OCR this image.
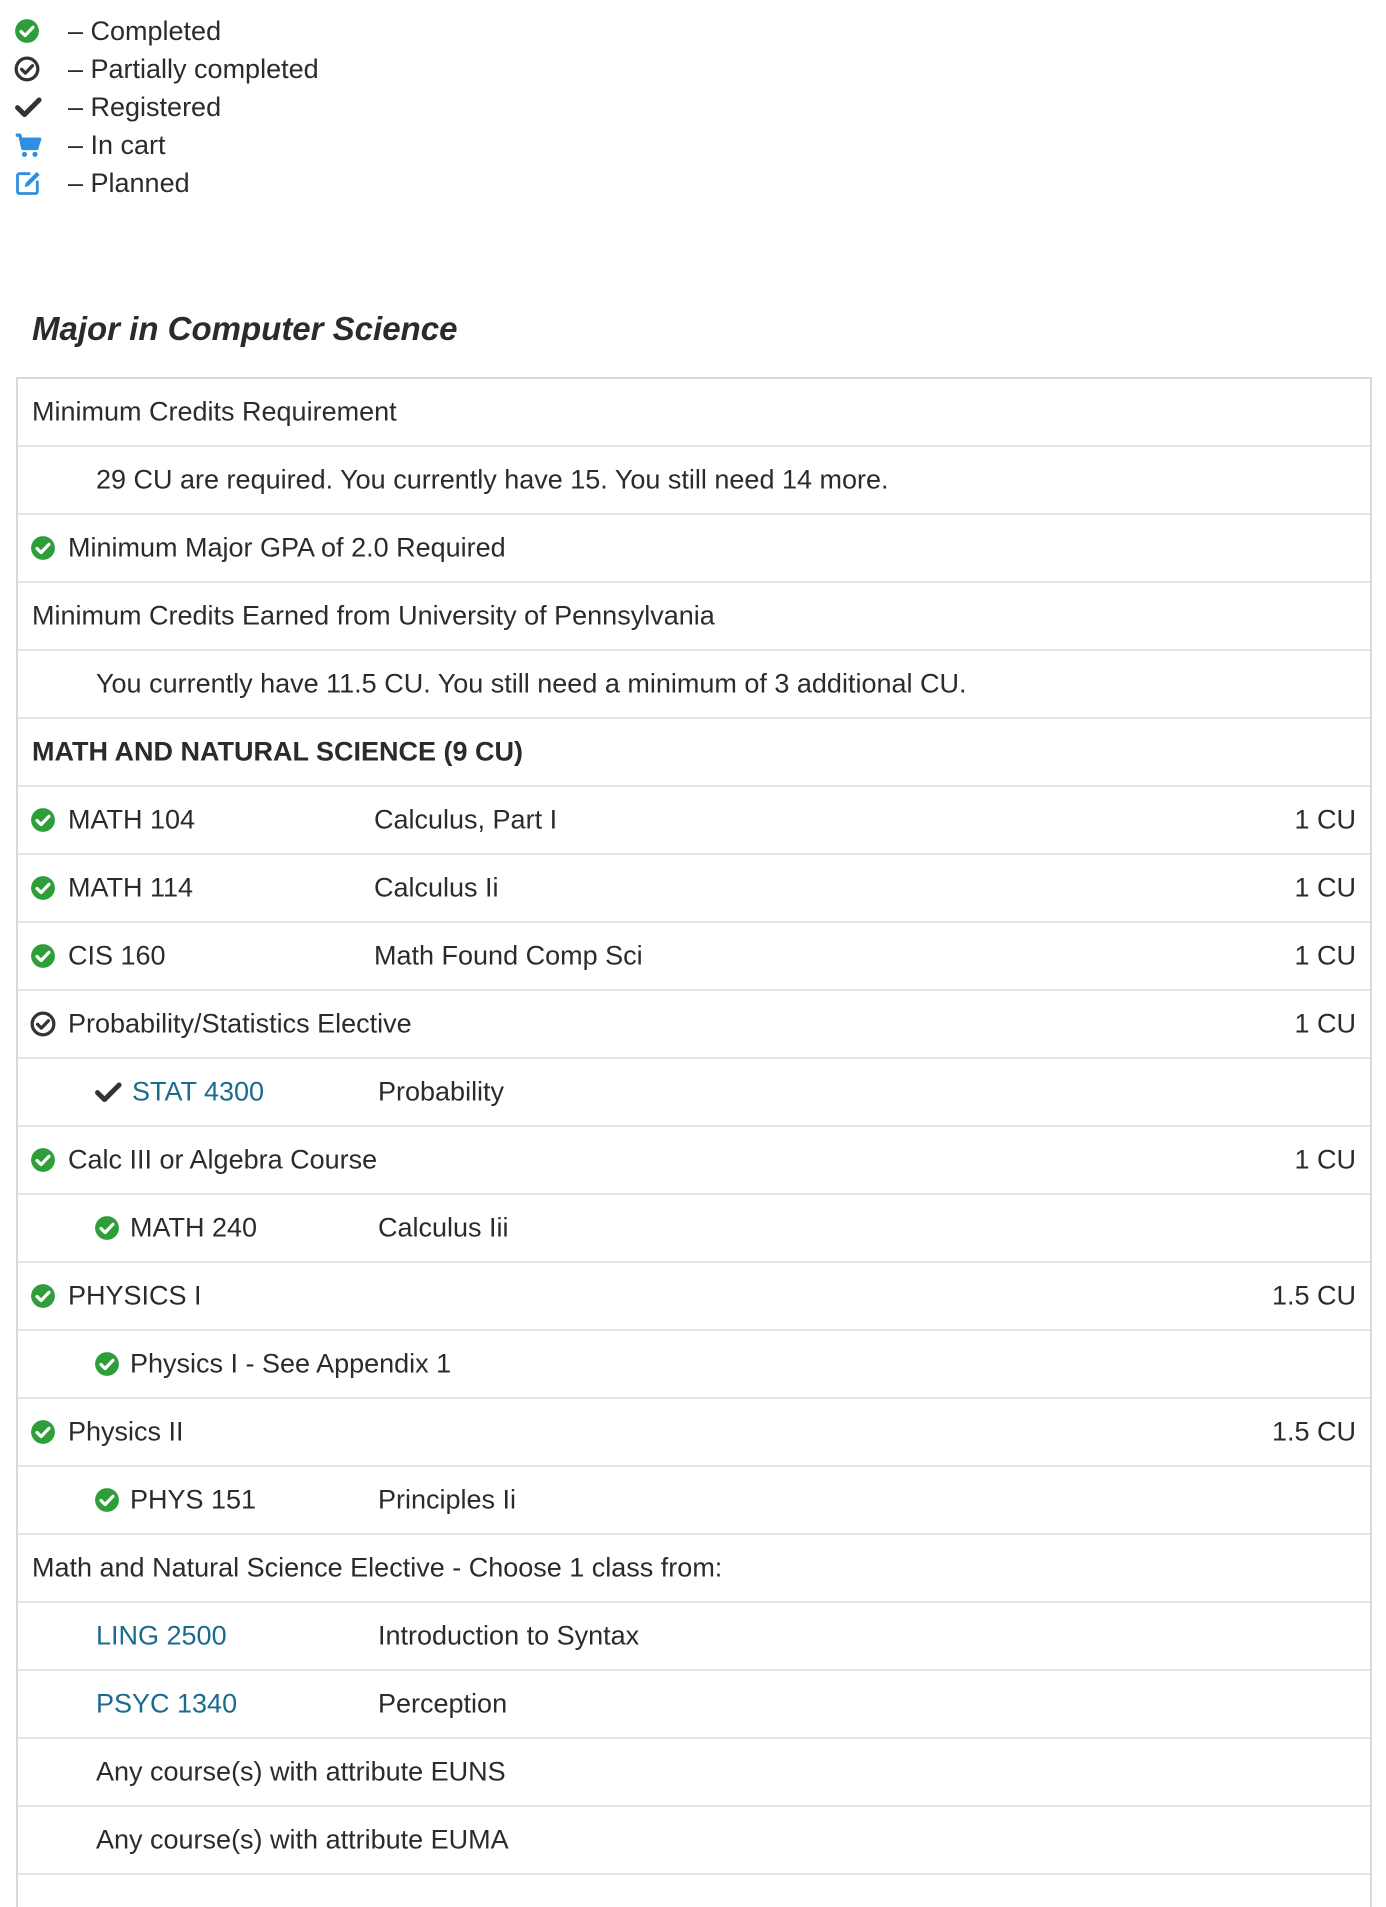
– Completed
– Partially completed
– Registered
– In cart
– Planned
Major in Computer Science
Minimum Credits Requirement
29 CU are required. You currently have 15. You still need 14 more.
Minimum Major GPA of 2.0 Required
Minimum Credits Earned from University of Pennsylvania
You currently have 11.5 CU. You still need a minimum of 3 additional CU.
MATH AND NATURAL SCIENCE (9 CU)
MATH 104	Calculus, Part I	1 CU
MATH 114	Calculus Ii	1 CU
CIS 160	Math Found Comp Sci	1 CU
Probability/Statistics Elective	1 CU
STAT 4300	Probability
Calc III or Algebra Course	1 CU
MATH 240	Calculus Iii
PHYSICS I	1.5 CU
Physics I - See Appendix 1
Physics II	1.5 CU
PHYS 151	Principles Ii
Math and Natural Science Elective - Choose 1 class from:
LING 2500	Introduction to Syntax
PSYC 1340	Perception
Any course(s) with attribute EUNS
Any course(s) with attribute EUMA
